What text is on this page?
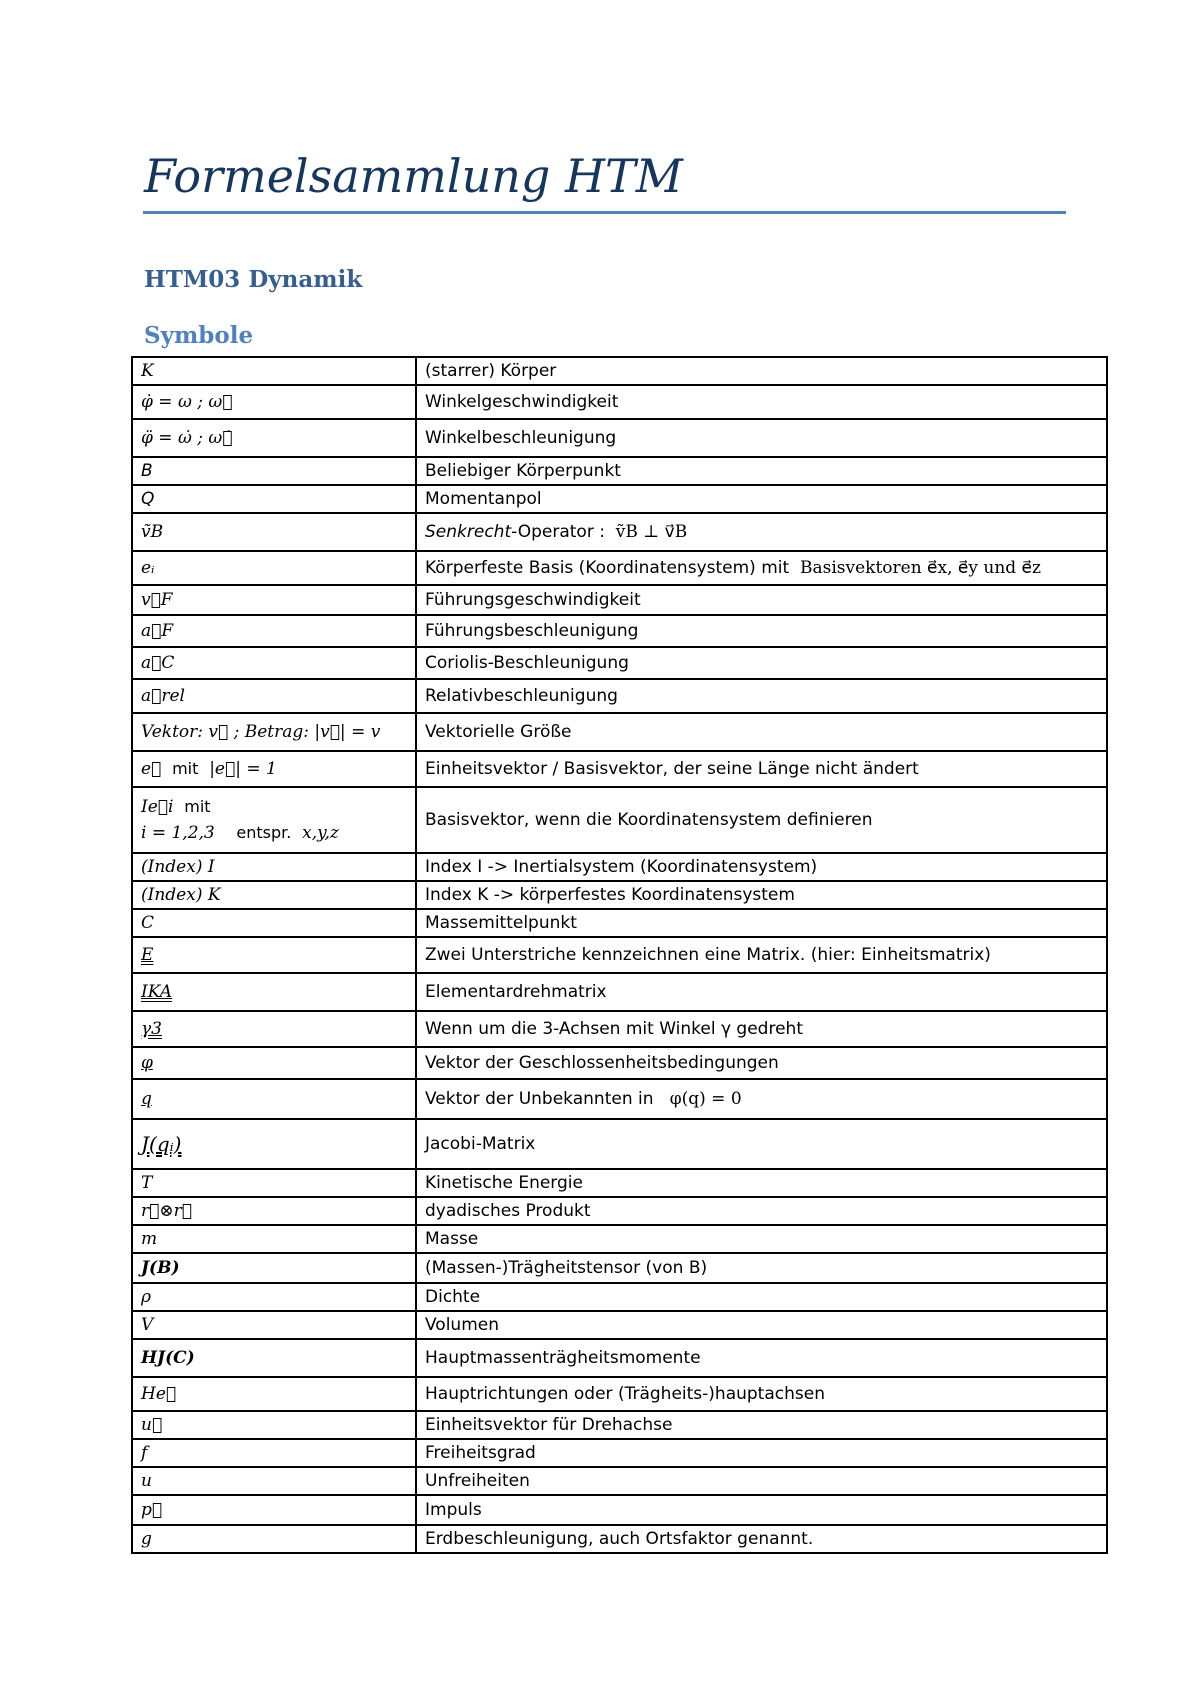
Formelsammlung HTM
HTM03 Dynamik
Symbole
K	(starrer) Körper
φ̇ = ω ; ω⃗	Winkelgeschwindigkeit
φ̈ = ω̇ ; ω⃗̇	Winkelbeschleunigung
B	Beliebiger Körperpunkt
Q	Momentanpol
ṽB	Senkrecht-Operator : ṽB ⊥ v⃗B
eᵢ	Körperfeste Basis (Koordinatensystem) mit Basisvektoren e⃗x, e⃗y und e⃗z
v⃗F	Führungsgeschwindigkeit
a⃗F	Führungsbeschleunigung
a⃗C	Coriolis-Beschleunigung
a⃗rel	Relativbeschleunigung
Vektor: v⃗ ; Betrag: |v⃗| = v	Vektorielle Größe
e⃗ mit |e⃗| = 1	Einheitsvektor / Basisvektor, der seine Länge nicht ändert

Ie⃗i mit
i = 1,2,3 entspr. x,y,z	Basisvektor, wenn die Koordinatensystem definieren
(Index) I	Index I -> Inertialsystem (Koordinatensystem)
(Index) K	Index K -> körperfestes Koordinatensystem
C	Massemittelpunkt
E	Zwei Unterstriche kennzeichnen eine Matrix. (hier: Einheitsmatrix)
IKA	Elementardrehmatrix
γ3	Wenn um die 3-Achsen mit Winkel γ gedreht
φ	Vektor der Geschlossenheitsbedingungen
q	Vektor der Unbekannten in φ(q) = 0
J(qᵢ)	Jacobi-Matrix
T	Kinetische Energie
r⃗⊗r⃗	dyadisches Produkt
m	Masse
J(B)	(Massen-)Trägheitstensor (von B)
ρ	Dichte
V	Volumen
HJ(C)	Hauptmassenträgheitsmomente
He⃗	Hauptrichtungen oder (Trägheits-)hauptachsen
u⃗	Einheitsvektor für Drehachse
f	Freiheitsgrad
u	Unfreiheiten
p⃗	Impuls
g	Erdbeschleunigung, auch Ortsfaktor genannt.
